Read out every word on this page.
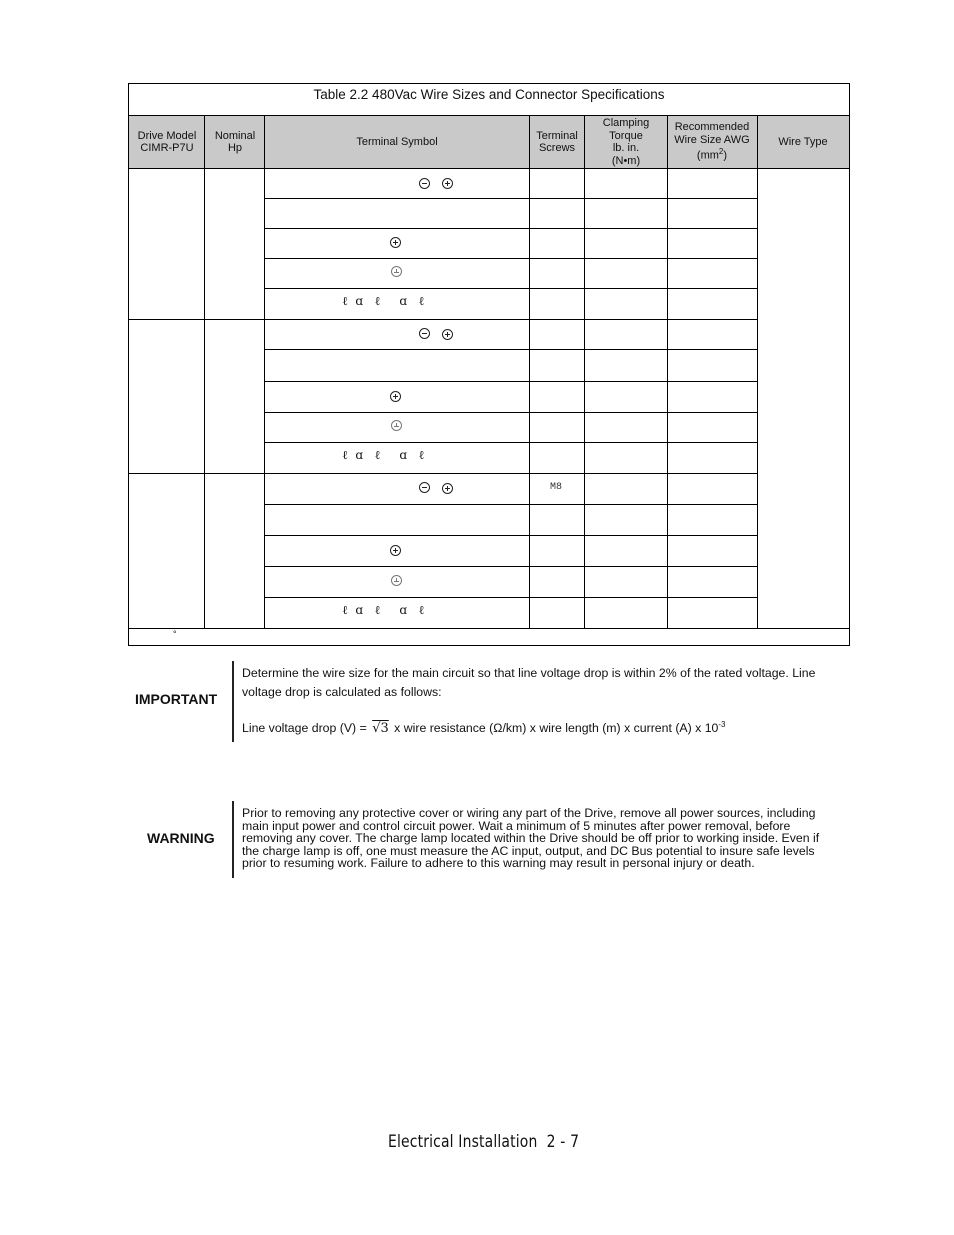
Table 2.2 480Vac Wire Sizes and Connector Specifications
Drive Model
CIMR-P7U
Nominal
Hp
Terminal Symbol
Terminal
Screws
Clamping
Torque
lb. in.
(N•m)
Recommended
Wire Size AWG
$(mm^2)$
Wire Type
ℓ  ɑ   ℓ     ɑ   ℓ
ℓ  ɑ   ℓ     ɑ   ℓ
M8
ℓ  ɑ   ℓ     ɑ   ℓ
°
IMPORTANT
Determine the wire size for the main circuit so that line voltage drop is within 2% of the rated voltage. Line
voltage drop is calculated as follows:
Line voltage drop (V) = √3 x wire resistance (Ω/km) x wire length (m) x current (A) x $10^{-3}$
WARNING
Prior to removing any protective cover or wiring any part of the Drive, remove all power sources, including
main input power and control circuit power. Wait a minimum of 5 minutes after power removal, before
removing any cover. The charge lamp located within the Drive should be off prior to working inside. Even if
the charge lamp is off, one must measure the AC input, output, and DC Bus potential to insure safe levels
prior to resuming work. Failure to adhere to this warning may result in personal injury or death.
Electrical Installation  2 - 7
